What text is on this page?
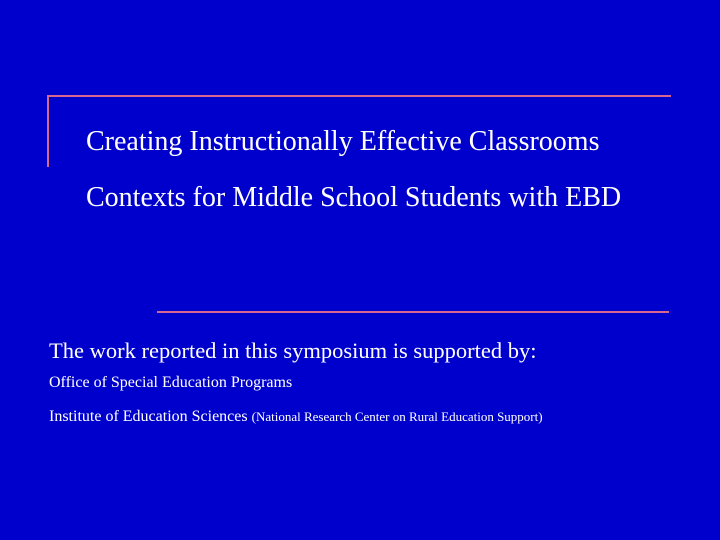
Creating Instructionally Effective Classrooms
Contexts for Middle School Students with EBD
The work reported in this symposium is supported by:
Office of Special Education Programs
Institute of Education Sciences (National Research Center on Rural Education Support)
